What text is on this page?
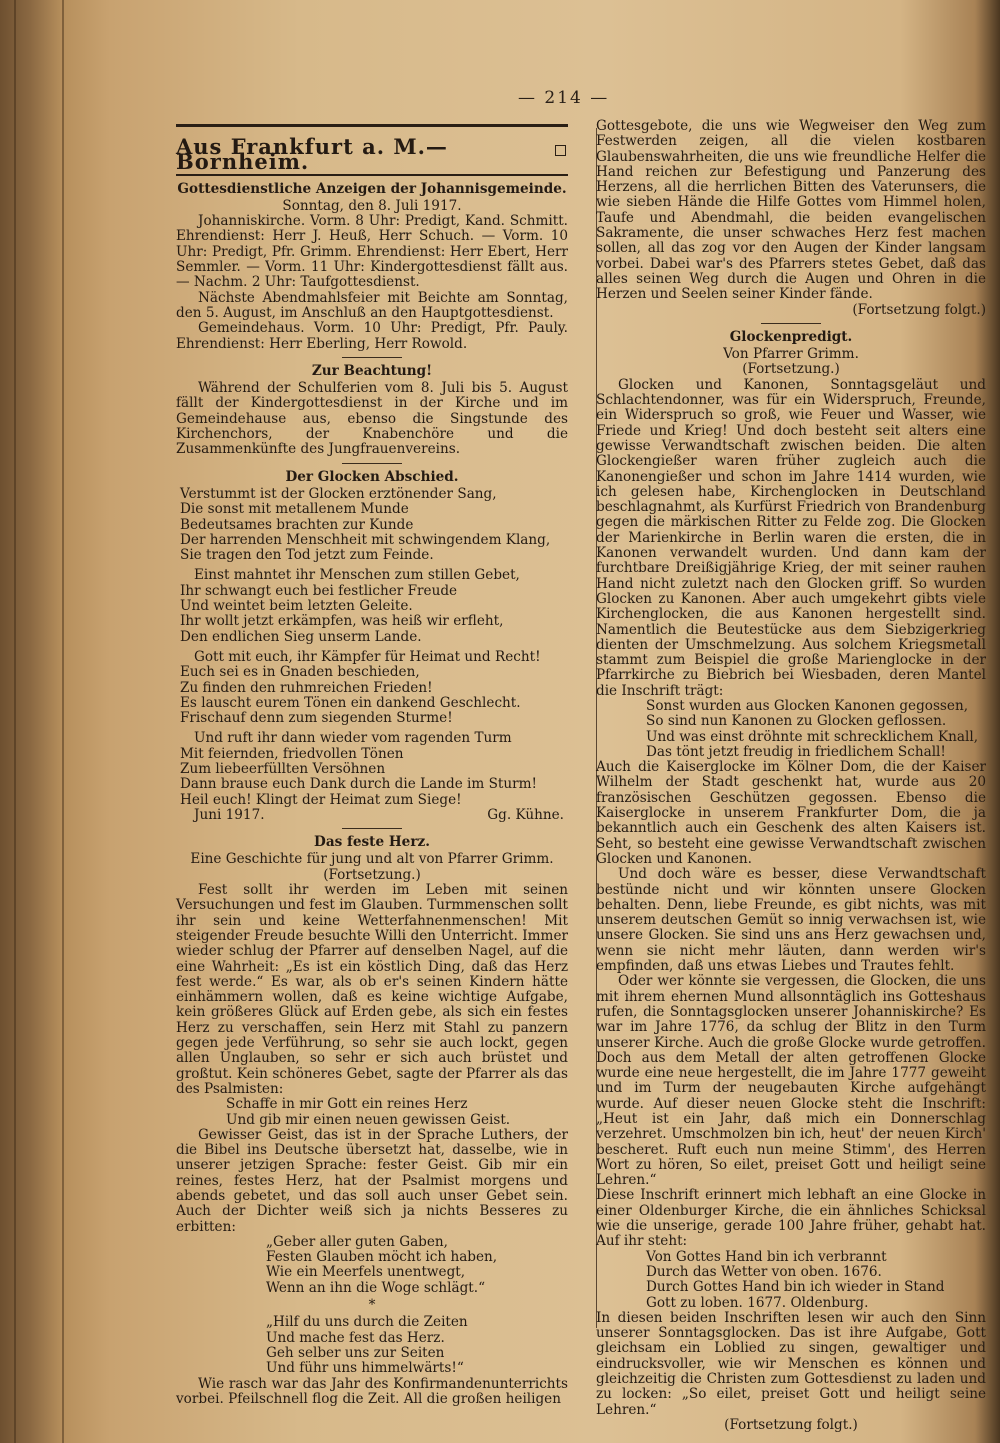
— 214 —
Aus Frankfurt a. M.—Bornheim.
Gottesdienstliche Anzeigen der Johannisgemeinde.
Sonntag, den 8. Juli 1917.

Johanniskirche. Vorm. 8 Uhr: Predigt, Kand. Schmitt. Ehrendienst: Herr J. Heuß, Herr Schuch. — Vorm. 10 Uhr: Predigt, Pfr. Grimm. Ehrendienst: Herr Ebert, Herr Semmler. — Vorm. 11 Uhr: Kindergottesdienst fällt aus. — Nachm. 2 Uhr: Taufgottesdienst.

Nächste Abendmahlsfeier mit Beichte am Sonntag, den 5. August, im Anschluß an den Hauptgottesdienst.

Gemeindehaus. Vorm. 10 Uhr: Predigt, Pfr. Pauly. Ehrendienst: Herr Eberling, Herr Rowold.

Zur Beachtung!

Während der Schulferien vom 8. Juli bis 5. August fällt der Kindergottesdienst in der Kirche und im Gemeindehause aus, ebenso die Singstunde des Kirchenchors, der Knabenchöre und die Zusammenkünfte des Jungfrauenvereins.

Der Glocken Abschied.
Verstummt ist der Glocken erztönender Sang,
Die sonst mit metallenem Munde
Bedeutsames brachten zur Kunde
Der harrenden Menschheit mit schwingendem Klang,
Sie tragen den Tod jetzt zum Feinde.
Einst mahntet ihr Menschen zum stillen Gebet,
Ihr schwangt euch bei festlicher Freude
Und weintet beim letzten Geleite.
Ihr wollt jetzt erkämpfen, was heiß wir erfleht,
Den endlichen Sieg unserm Lande.
Gott mit euch, ihr Kämpfer für Heimat und Recht!
Euch sei es in Gnaden beschieden,
Zu finden den ruhmreichen Frieden!
Es lauscht eurem Tönen ein dankend Geschlecht.
Frischauf denn zum siegenden Sturme!
Und ruft ihr dann wieder vom ragenden Turm
Mit feiernden, friedvollen Tönen
Zum liebeerfüllten Versöhnen
Dann brause euch Dank durch die Lande im Sturm!
Heil euch! Klingt der Heimat zum Siege!
Juni 1917.	Gg. Kühne.
Das feste Herz.
Eine Geschichte für jung und alt von Pfarrer Grimm.
(Fortsetzung.)

Fest sollt ihr werden im Leben mit seinen Versuchungen und fest im Glauben. Turmmenschen sollt ihr sein und keine Wetterfahnenmenschen! Mit steigender Freude besuchte Willi den Unterricht. Immer wieder schlug der Pfarrer auf denselben Nagel, auf die eine Wahrheit: „Es ist ein köstlich Ding, daß das Herz fest werde.“ Es war, als ob er's seinen Kindern hätte einhämmern wollen, daß es keine wichtige Aufgabe, kein größeres Glück auf Erden gebe, als sich ein festes Herz zu verschaffen, sein Herz mit Stahl zu panzern gegen jede Verführung, so sehr sie auch lockt, gegen allen Unglauben, so sehr er sich auch brüstet und großtut. Kein schöneres Gebet, sagte der Pfarrer als das des Psalmisten:

Schaffe in mir Gott ein reines Herz
Und gib mir einen neuen gewissen Geist.

Gewisser Geist, das ist in der Sprache Luthers, der die Bibel ins Deutsche übersetzt hat, dasselbe, wie in unserer jetzigen Sprache: fester Geist. Gib mir ein reines, festes Herz, hat der Psalmist morgens und abends gebetet, und das soll auch unser Gebet sein. Auch der Dichter weiß sich ja nichts Besseres zu erbitten:

„Geber aller guten Gaben,
Festen Glauben möcht ich haben,
Wie ein Meerfels unentwegt,
Wenn an ihn die Woge schlägt.“
*
„Hilf du uns durch die Zeiten
Und mache fest das Herz.
Geh selber uns zur Seiten
Und führ uns himmelwärts!“

Wie rasch war das Jahr des Konfirmandenunterrichts vorbei. Pfeilschnell flog die Zeit. All die großen heiligen

Gottesgebote, die uns wie Wegweiser den Weg zum Festwerden zeigen, all die vielen kostbaren Glaubenswahrheiten, die uns wie freundliche Helfer die Hand reichen zur Befestigung und Panzerung des Herzens, all die herrlichen Bitten des Vaterunsers, die wie sieben Hände die Hilfe Gottes vom Himmel holen, Taufe und Abendmahl, die beiden evangelischen Sakramente, die unser schwaches Herz fest machen sollen, all das zog vor den Augen der Kinder langsam vorbei. Dabei war's des Pfarrers stetes Gebet, daß das alles seinen Weg durch die Augen und Ohren in die Herzen und Seelen seiner Kinder fände.

(Fortsetzung folgt.)
Glockenpredigt.
Von Pfarrer Grimm.
(Fortsetzung.)

Glocken und Kanonen, Sonntagsgeläut und Schlachtendonner, was für ein Widerspruch, Freunde, ein Widerspruch so groß, wie Feuer und Wasser, wie Friede und Krieg! Und doch besteht seit alters eine gewisse Verwandtschaft zwischen beiden. Die alten Glockengießer waren früher zugleich auch die Kanonengießer und schon im Jahre 1414 wurden, wie ich gelesen habe, Kirchenglocken in Deutschland beschlagnahmt, als Kurfürst Friedrich von Brandenburg gegen die märkischen Ritter zu Felde zog. Die Glocken der Marienkirche in Berlin waren die ersten, die in Kanonen verwandelt wurden. Und dann kam der furchtbare Dreißigjährige Krieg, der mit seiner rauhen Hand nicht zuletzt nach den Glocken griff. So wurden Glocken zu Kanonen. Aber auch umgekehrt gibts viele Kirchenglocken, die aus Kanonen hergestellt sind. Namentlich die Beutestücke aus dem Siebzigerkrieg dienten der Umschmelzung. Aus solchem Kriegsmetall stammt zum Beispiel die große Marienglocke in der Pfarrkirche zu Biebrich bei Wiesbaden, deren Mantel die Inschrift trägt:

Sonst wurden aus Glocken Kanonen gegossen,
So sind nun Kanonen zu Glocken geflossen.
Und was einst dröhnte mit schrecklichem Knall,
Das tönt jetzt freudig in friedlichem Schall!

Auch die Kaiserglocke im Kölner Dom, die der Kaiser Wilhelm der Stadt geschenkt hat, wurde aus 20 französischen Geschützen gegossen. Ebenso die Kaiserglocke in unserem Frankfurter Dom, die ja bekanntlich auch ein Geschenk des alten Kaisers ist. Seht, so besteht eine gewisse Verwandtschaft zwischen Glocken und Kanonen.

Und doch wäre es besser, diese Verwandtschaft bestünde nicht und wir könnten unsere Glocken behalten. Denn, liebe Freunde, es gibt nichts, was mit unserem deutschen Gemüt so innig verwachsen ist, wie unsere Glocken. Sie sind uns ans Herz gewachsen und, wenn sie nicht mehr läuten, dann werden wir's empfinden, daß uns etwas Liebes und Trautes fehlt.

Oder wer könnte sie vergessen, die Glocken, die uns mit ihrem ehernen Mund allsonntäglich ins Gotteshaus rufen, die Sonntagsglocken unserer Johanniskirche? Es war im Jahre 1776, da schlug der Blitz in den Turm unserer Kirche. Auch die große Glocke wurde getroffen. Doch aus dem Metall der alten getroffenen Glocke wurde eine neue hergestellt, die im Jahre 1777 geweiht und im Turm der neugebauten Kirche aufgehängt wurde. Auf dieser neuen Glocke steht die Inschrift: „Heut ist ein Jahr, daß mich ein Donnerschlag verzehret. Umschmolzen bin ich, heut' der neuen Kirch' bescheret. Ruft euch nun meine Stimm', des Herren Wort zu hören, So eilet, preiset Gott und heiligt seine Lehren.“

Diese Inschrift erinnert mich lebhaft an eine Glocke in einer Oldenburger Kirche, die ein ähnliches Schicksal wie die unserige, gerade 100 Jahre früher, gehabt hat. Auf ihr steht:

Von Gottes Hand bin ich verbrannt
Durch das Wetter von oben. 1676.
Durch Gottes Hand bin ich wieder in Stand
Gott zu loben. 1677. Oldenburg.

In diesen beiden Inschriften lesen wir auch den Sinn unserer Sonntagsglocken. Das ist ihre Aufgabe, Gott gleichsam ein Loblied zu singen, gewaltiger und eindrucksvoller, wie wir Menschen es können und gleichzeitig die Christen zum Gottesdienst zu laden und zu locken: „So eilet, preiset Gott und heiligt seine Lehren.“

(Fortsetzung folgt.)
